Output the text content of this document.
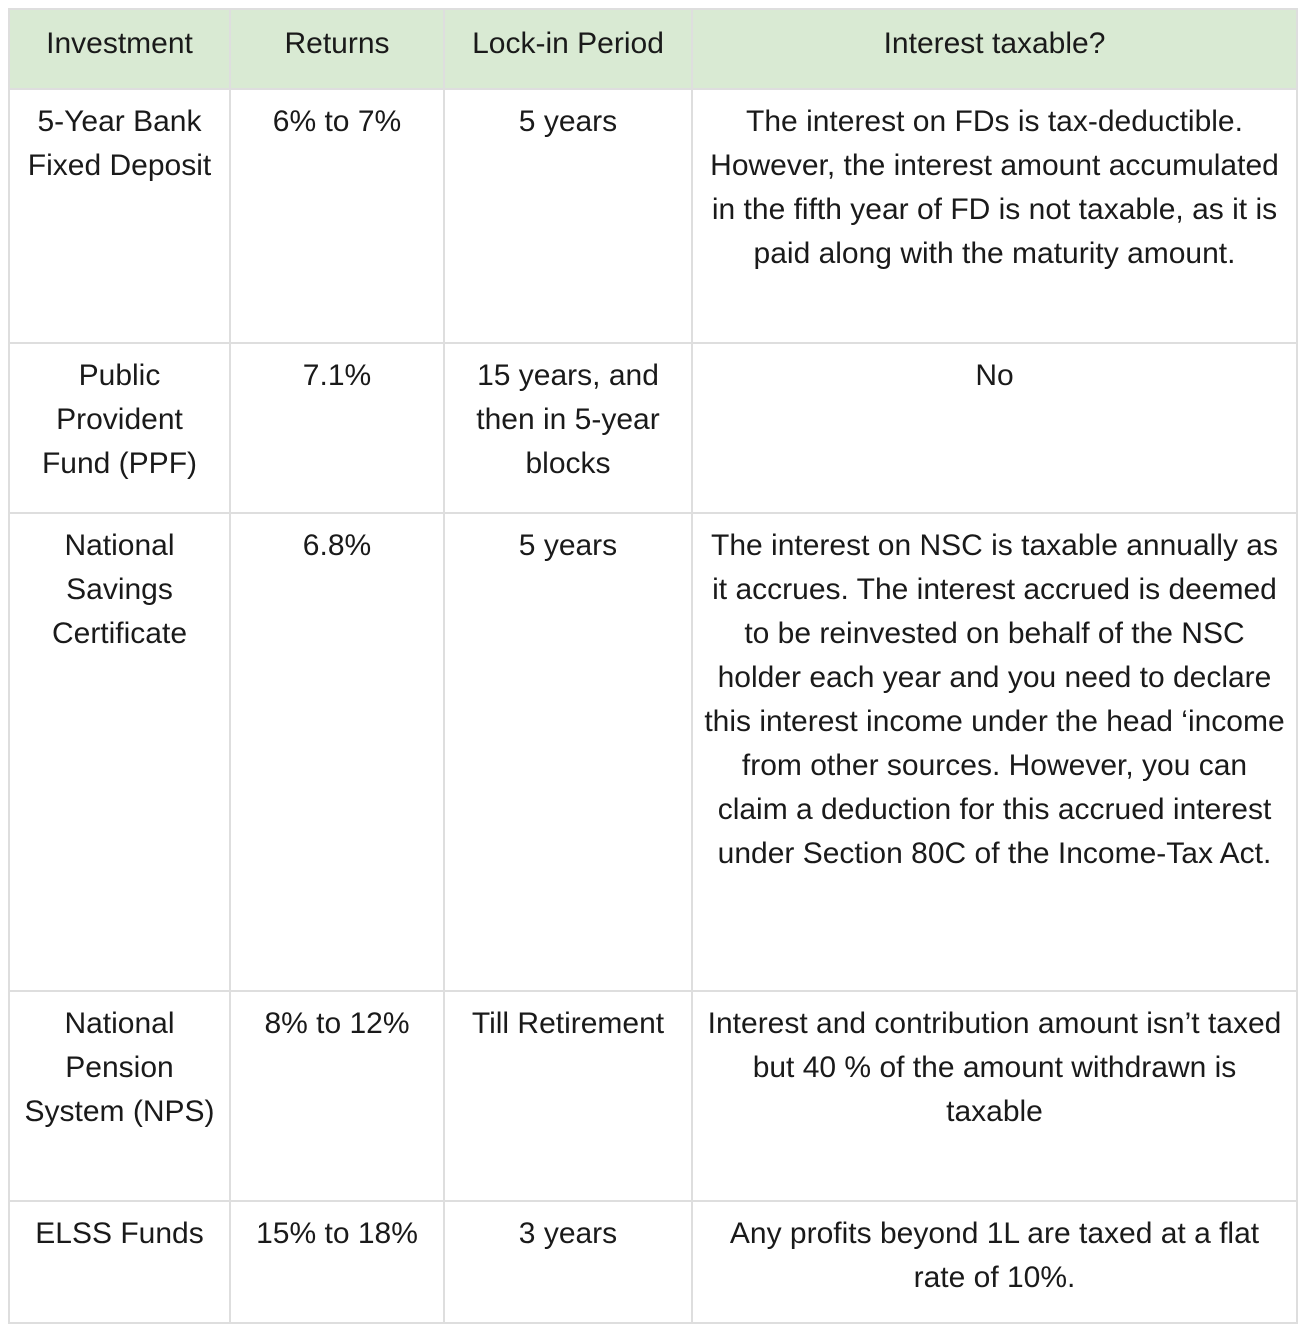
Investment	Returns	Lock-in Period	Interest taxable?
5-Year Bank Fixed Deposit	6% to 7%	5 years	The interest on FDs is tax-deductible. However, the interest amount accumulated in the fifth year of FD is not taxable, as it is paid along with the maturity amount.
Public Provident Fund (PPF)	7.1%	15 years, and then in 5-year blocks	No
National Savings Certificate	6.8%	5 years	The interest on NSC is taxable annually as it accrues. The interest accrued is deemed to be reinvested on behalf of the NSC holder each year and you need to declare this interest income under the head ‘income from other sources. However, you can claim a deduction for this accrued interest under Section 80C of the Income-Tax Act.
National Pension System (NPS)	8% to 12%	Till Retirement	Interest and contribution amount isn’t taxed but 40 % of the amount withdrawn is taxable
ELSS Funds	15% to 18%	3 years	Any profits beyond 1L are taxed at a flat rate of 10%.
